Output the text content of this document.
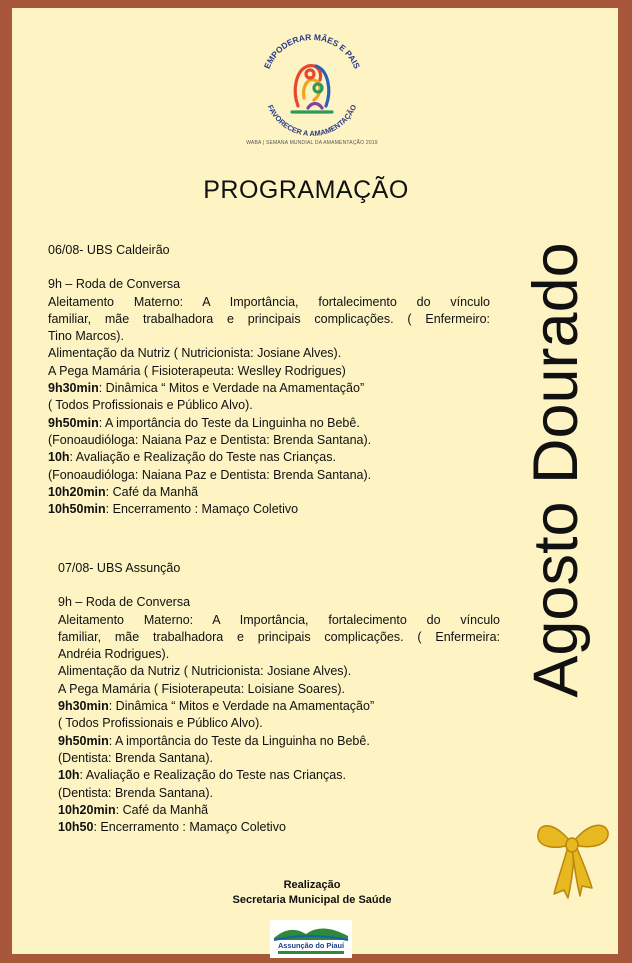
EMPODERAR MÃES E PAIS
FAVORECER A AMAMENTAÇÃO
WABA | SEMANA MUNDIAL DA AMAMENTAÇÃO 2019
PROGRAMAÇÃO
06/08- UBS Caldeirão
9h – Roda de Conversa
Aleitamento Materno: A Importância, fortalecimento do vínculo
familiar, mãe trabalhadora e principais complicações. ( Enfermeiro:
Tino Marcos).
Alimentação da Nutriz ( Nutricionista: Josiane Alves).
A Pega Mamária ( Fisioterapeuta: Weslley Rodrigues)
9h30min: Dinâmica “ Mitos e Verdade na Amamentação”
( Todos Profissionais e Público Alvo).
9h50min: A importância do Teste da Linguinha no Bebê.
(Fonoaudióloga: Naiana Paz e Dentista: Brenda Santana).
10h: Avaliação e Realização do Teste nas Crianças.
(Fonoaudióloga: Naiana Paz e Dentista: Brenda Santana).
10h20min: Café da Manhã
10h50min: Encerramento : Mamaço Coletivo
07/08- UBS Assunção
9h – Roda de Conversa
Aleitamento Materno: A Importância, fortalecimento do vínculo
familiar, mãe trabalhadora e principais complicações. ( Enfermeira:
Andréia Rodrigues).
Alimentação da Nutriz ( Nutricionista: Josiane Alves).
A Pega Mamária ( Fisioterapeuta: Loisiane Soares).
9h30min: Dinâmica “ Mitos e Verdade na Amamentação”
( Todos Profissionais e Público Alvo).
9h50min: A importância do Teste da Linguinha no Bebê.
(Dentista: Brenda Santana).
10h: Avaliação e Realização do Teste nas Crianças.
(Dentista: Brenda Santana).
10h20min: Café da Manhã
10h50: Encerramento : Mamaço Coletivo
Realização
Secretaria Municipal de Saúde
Assunção do Piauí
Agosto Dourado
